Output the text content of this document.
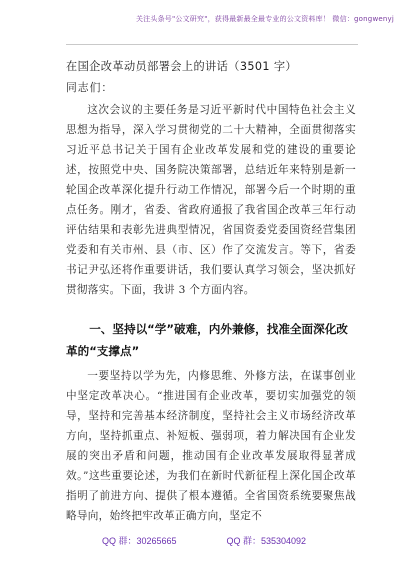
关注头条号"公文研究"，获得最新最全最专业的公文资料库！ 微信：gongwenyj
在国企改革动员部署会上的讲话（3501 字）
同志们：

这次会议的主要任务是习近平新时代中国特色社会主义思想为指导，深入学习贯彻党的二十大精神，全面贯彻落实习近平总书记关于国有企业改革发展和党的建设的重要论述，按照党中央、国务院决策部署，总结近年来特别是新一轮国企改革深化提升行动工作情况，部署今后一个时期的重点任务。刚才，省委、省政府通报了我省国企改革三年行动评估结果和表彰先进典型情况，省国资委党委国资经营集团党委和有关市州、县（市、区）作了交流发言。等下，省委书记尹弘还将作重要讲话，我们要认真学习领会，坚决抓好贯彻落实。下面，我讲 3 个方面内容。

一、坚持以“学”破难，内外兼修，找准全面深化改革的“支撑点”

一要坚持以学为先，内修思维、外修方法，在谋事创业中坚定改革决心。“推进国有企业改革，要切实加强党的领导，坚持和完善基本经济制度，坚持社会主义市场经济改革方向，坚持抓重点、补短板、强弱项，着力解决国有企业发展的突出矛盾和问题，推动国有企业改革发展取得显著成效。”这些重要论述，为我们在新时代新征程上深化国企改革指明了前进方向、提供了根本遵循。全省国资系统要聚焦战略导向，始终把牢改革正确方向，坚定不

QQ 群：30265665	QQ 群：535304092
